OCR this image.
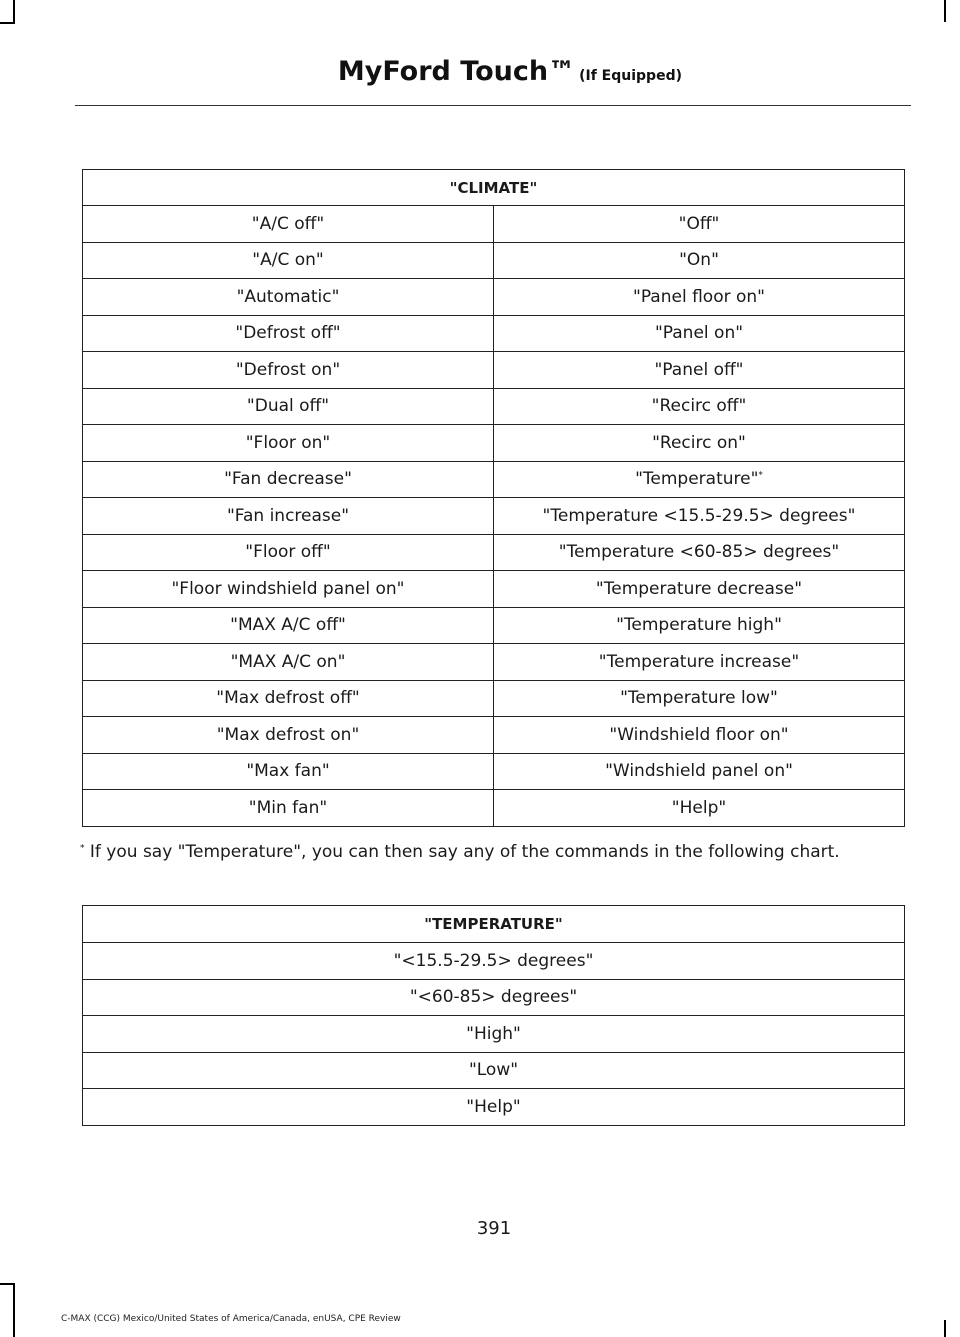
MyFord Touch™ (If Equipped)
"CLIMATE"	
"A/C off"	"Off"
"A/C on"	"On"
"Automatic"	"Panel floor on"
"Defrost off"	"Panel on"
"Defrost on"	"Panel off"
"Dual off"	"Recirc off"
"Floor on"	"Recirc on"
"Fan decrease"	"Temperature"*
"Fan increase"	"Temperature <15.5-29.5> degrees"
"Floor off"	"Temperature <60-85> degrees"
"Floor windshield panel on"	"Temperature decrease"
"MAX A/C off"	"Temperature high"
"MAX A/C on"	"Temperature increase"
"Max defrost off"	"Temperature low"
"Max defrost on"	"Windshield floor on"
"Max fan"	"Windshield panel on"
"Min fan"	"Help"
* If you say "Temperature", you can then say any of the commands in the following chart.
"TEMPERATURE"
"<15.5-29.5> degrees"
"<60-85> degrees"
"High"
"Low"
"Help"
391
C-MAX (CCG) Mexico/United States of America/Canada, enUSA, CPE Review
